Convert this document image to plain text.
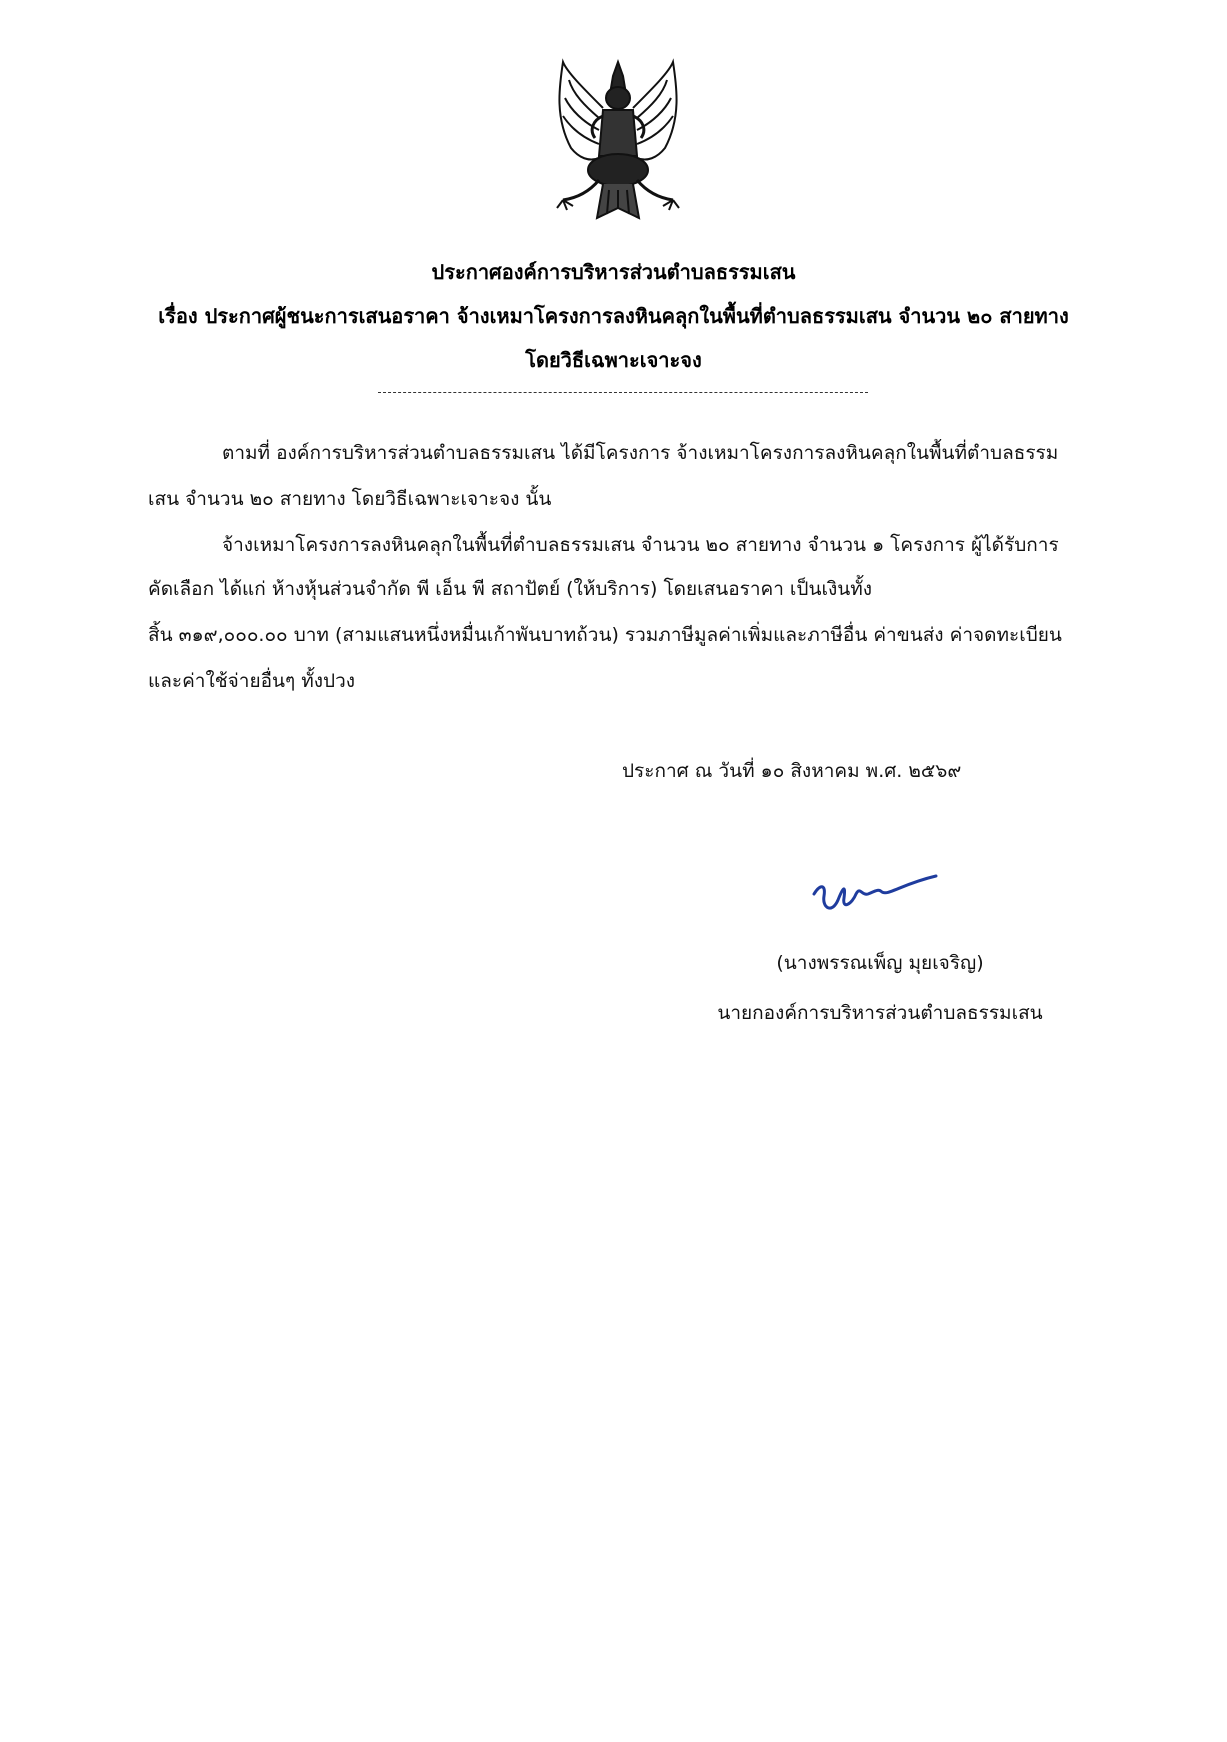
ประกาศองค์การบริหารส่วนตำบลธรรมเสน
เรื่อง ประกาศผู้ชนะการเสนอราคา จ้างเหมาโครงการลงหินคลุกในพื้นที่ตำบลธรรมเสน จำนวน ๒๐ สายทาง
โดยวิธีเฉพาะเจาะจง
ตามที่ องค์การบริหารส่วนตำบลธรรมเสน ได้มีโครงการ จ้างเหมาโครงการลงหินคลุกในพื้นที่ตำบลธรรม
เสน จำนวน ๒๐ สายทาง โดยวิธีเฉพาะเจาะจง นั้น
จ้างเหมาโครงการลงหินคลุกในพื้นที่ตำบลธรรมเสน จำนวน ๒๐ สายทาง จำนวน ๑ โครงการ ผู้ได้รับการ
คัดเลือก ได้แก่ ห้างหุ้นส่วนจำกัด พี เอ็น พี สถาปัตย์ (ให้บริการ) โดยเสนอราคา เป็นเงินทั้ง
สิ้น ๓๑๙,๐๐๐.๐๐ บาท (สามแสนหนึ่งหมื่นเก้าพันบาทถ้วน) รวมภาษีมูลค่าเพิ่มและภาษีอื่น ค่าขนส่ง ค่าจดทะเบียน
และค่าใช้จ่ายอื่นๆ ทั้งปวง
ประกาศ ณ วันที่ ๑๐ สิงหาคม พ.ศ. ๒๕๖๙
(นางพรรณเพ็ญ มุยเจริญ)
นายกองค์การบริหารส่วนตำบลธรรมเสน
